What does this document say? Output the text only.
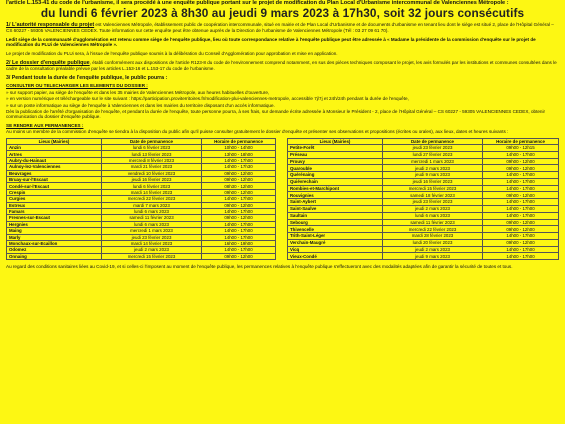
l'article L.153-41 du code de l'urbanisme, il sera procédé à une enquête publique portant sur le projet de modification du Plan Local d'Urbanisme intercommunal de Valenciennes Métropole :
du lundi 6 février 2023 à 8h30 au jeudi 9 mars 2023 à 17h30, soit 32 jours consécutifs
1/ L'autorité responsable du projet est Valenciennes Métropole, établissement public de coopération intercommunale, situé en mairie et de Plan Local d'Urbanisme et de documents d'urbanisme en tenant lieu dont le siège est situé 2, place de l'Hôpital Général – CS 60227 - 59305 VALENCIENNES CEDEX. Toute information sur cette enquête peut être obtenue auprès de la Direction de l'urbanisme de Valenciennes Métropole (Tél : 03 27 09 61 70).
Ledit siège de la communauté d'agglomération est retenu comme siège de l'enquête publique, lieu où toute correspondance relative à l'enquête publique peut être adressée à « Madame la présidente de la commission d'enquête sur le projet de modification du PLUi de Valenciennes Métropole ».
Le projet de modification du PLUi sera, à l'issue de l'enquête publique soumis à la délibération du Conseil d'Agglomération pour approbation et mise en application.
2/ Le dossier d'enquête publique, établi conformément aux dispositions de l'article R123-8 du code de l'environnement comprend notamment, en sus des pièces techniques composant le projet, les avis formulés par les institutions et communes consultées dans le cadre de la consultation préalable prévue par les articles L.153-16 et L.153-17 du code de l'urbanisme.
3/ Pendant toute la durée de l'enquête publique, le public pourra :
CONSULTER OU TELECHARGER LES ELEMENTS DU DOSSIER :
» sur support papier, au siège de l'enquête et dans les 35 mairies de Valenciennes Métropole, aux heures habituelles d'ouverture,
» en version numérique et téléchargeable sur le site suivant : https://participation.proviterritoires.fr/modification-plui-valenciennes-metropole, accessible 7j/7j et 24h/24h pendant la durée de l'enquête,
» sur un poste informatique au siège de l'enquête à Valenciennes et dans les mairies du territoire disposant d'un accès informatique.
Dès la publication de l'arrêté d'organisation de l'enquête, et pendant la durée de l'enquête, toute personne pourra, à ses frais, sur demande écrite adressée à Monsieur le Président - 2, place de l'Hôpital Général – CS 60227 - 59305 VALENCIENNES CEDEX, obtenir communication du dossier d'enquête publique.
SE RENDRE AUX PERMANENCES :
Au moins un membre de la commission d'enquête se tiendra à la disposition du public afin qu'il puisse consulter gratuitement le dossier d'enquête et présenter ses observations et propositions (écrites ou orales), aux lieux, dates et heures suivants :
Lieux (Mairies)	Date de permanence	Horaire de permanence
Anzin	lundi 6 février 2023	10h00 - 14h00
Artres	lundi 13 février 2023	13h00 - 18h00
Aubry-du-Hainaut	mercredi 8 février 2023	14h00 - 17h00
Aulnoy-lez-Valenciennes	mardi 21 février 2023	14h00 - 17h30
Beuvrages	vendredi 10 février 2023	09h00 - 12h00
Bruay-sur-l'Escaut	jeudi 16 février 2023	09h00 - 12h00
Condé-sur-l'Escaut	lundi 6 février 2023	08h30 - 12h00
Crespin	mardi 14 février 2023	09h00 - 12h00
Curgies	mercredi 22 février 2023	14h00 - 17h00
Estreux	mardi 7 mars 2023	09h00 - 12h00
Famars	lundi 6 mars 2023	14h00 - 17h00
Fresnes-sur-Escaut	samedi 11 février 2023	09h00 - 12h00
Hergnies	lundi 6 mars 2023	14h00 - 17h00
Maing	mercredi 1 mars 2023	14h00 - 17h00
Marly	jeudi 23 février 2023	14h00 - 17h00
Monchaux-sur-Ecaillon	mardi 14 février 2023	16h00 - 19h00
Odomez	jeudi 2 mars 2023	14h00 - 17h00
Onnaing	mercredi 15 février 2023	09h00 - 12h00
Lieux (Mairies)	Date de permanence	Horaire de permanence
Petite-Forêt	jeudi 23 février 2023	09h00 - 12h15
Préseau	lundi 27 février 2023	14h00 - 17h00
Prouvy	mercredi 1 mars 2023	09h00 - 12h00
Quarouble	jeudi 2 mars 2023	09h00 - 12h00
Quérénaing	jeudi 9 mars 2023	14h00 - 17h00
Quiévrechain	jeudi 16 février 2023	14h00 - 17h00
Rombies-et-Marchipont	mercredi 15 février 2023	14h00 - 17h00
Rouvignies	samedi 18 février 2023	09h00 - 12h00
Saint-Aybert	jeudi 23 février 2023	14h00 - 17h00
Saint-Saulve	jeudi 2 mars 2023	14h00 - 17h00
Saultain	lundi 6 mars 2023	14h00 - 17h00
Sebourg	samedi 11 février 2023	09h00 - 12h00
Thivencelle	mercredi 22 février 2023	09h00 - 12h00
Trith-Saint-Léger	mardi 28 février 2023	14h00 - 17h00
Verchain-Maugré	lundi 20 février 2023	09h00 - 12h00
Vicq	jeudi 2 mars 2023	14h00 - 17h00
Vieux-Condé	jeudi 9 mars 2023	14h00 - 17h00
Au regard des conditions sanitaires liées au Covid-19, et si celles-ci l'imposent au moment de l'enquête publique, les permanences relatives à l'enquête publique s'effectueront avec des modalités adaptées afin de garantir la sécurité de toutes et tous.
